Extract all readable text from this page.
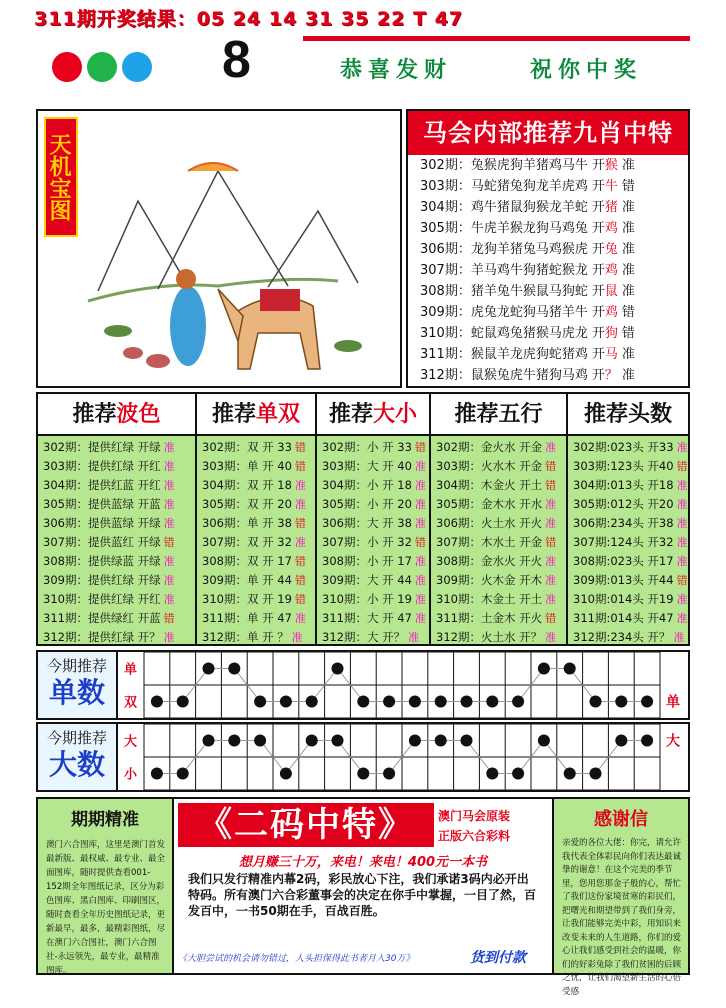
311期开奖结果：05 24 14 31 35 22 T 47
8	恭喜发财	祝你中奖
天机宝图
马会内部推荐九肖中特
302期：兔猴虎狗羊猪鸡马牛 开猴 准
303期：马蛇猪兔狗龙羊虎鸡 开牛 错
304期：鸡牛猪鼠狗猴龙羊蛇 开猪 准
305期：牛虎羊猴龙狗马鸡兔 开鸡 准
306期：龙狗羊猪兔马鸡猴虎 开兔 准
307期：羊马鸡牛狗猪蛇猴龙 开鸡 准
308期：猪羊兔牛猴鼠马狗蛇 开鼠 准
309期：虎兔龙蛇狗马猪羊牛 开鸡 错
310期：蛇鼠鸡兔猪猴马虎龙 开狗 错
311期：猴鼠羊龙虎狗蛇猪鸡 开马 准
312期：鼠猴兔虎牛猪狗马鸡 开？ 准
推荐波色
302期：提供红绿 开绿 准
303期：提供红绿 开红 准
304期：提供红蓝 开红 准
305期：提供蓝绿 开蓝 准
306期：提供蓝绿 开绿 准
307期：提供蓝红 开绿 错
308期：提供绿蓝 开绿 准
309期：提供红绿 开绿 准
310期：提供红绿 开红 准
311期：提供绿红 开蓝 错
312期：提供红绿 开？ 准
推荐单双
302期：双 开 33 错
303期：单 开 40 错
304期：双 开 18 准
305期：双 开 20 准
306期：单 开 38 错
307期：双 开 32 准
308期：双 开 17 错
309期：单 开 44 错
310期：双 开 19 错
311期：单 开 47 准
312期：单 开 ？ 准
推荐大小
302期：小 开 33 错
303期：大 开 40 准
304期：小 开 18 准
305期：小 开 20 准
306期：大 开 38 准
307期：小 开 32 错
308期：小 开 17 准
309期：大 开 44 准
310期：小 开 19 准
311期：大 开 47 准
312期：大 开？ 准
推荐五行
302期：金火水 开金 准
303期：火水木 开金 错
304期：木金火 开土 错
305期：金木水 开水 准
306期：火土水 开火 准
307期：木水土 开金 错
308期：金水火 开火 准
309期：火木金 开木 准
310期：木金土 开土 准
311期：土金木 开火 错
312期：火土水 开？ 准
推荐头数
302期:023头 开33 准
303期:123头 开40 错
304期:013头 开18 准
305期:012头 开20 准
306期:234头 开38 准
307期:124头 开32 准
308期:023头 开17 准
309期:013头 开44 错
310期:014头 开19 准
311期:014头 开47 准
312期:234头 开？ 准
今期推荐
单数
单
双	单
今期推荐
大数
大
小
大
期期精准
澳门六合图库，这里是澳门首发最新版、最权威、最专业、最全面图库，随时提供查看001-152期全年图纸记录，区分为彩色图库、黑白图库、印刷图区，随时查看全年历史图纸记录，更新最早，最多，最精彩图纸，尽在澳门六合图社，澳门六合图社-永远领先，最专业，最精准图库。
《二码中特》	澳门马会原装
正版六合彩料
想月赚三十万，来电！来电！400元一本书
我们只发行精准内幕2码，彩民放心下注，我们承诺3码内必开出特码。所有澳门六合彩董事会的决定在你手中掌握，一目了然，百发百中，一书50期在手，百战百胜。
《大胆尝试的机会请勿错过，人头担保得此书者月入30万》	货到付款
感谢信
亲爱的各位大佬：你完，请允许我代表全体彩民向你们表达最诚挚的谢意！在这个完美的季节里，您用您那金子般的心，帮忙了我们这份家境贫寒的彩民们，把曙光和期望带到了我们身旁，让我们能够完美中彩，用知识来改变未来的人生道路，你们的爱心让我们感受到社会的温暖，你们的好彩兔除了我们贫困的后顾之忧，让我们渴望新生活的心倍受感
